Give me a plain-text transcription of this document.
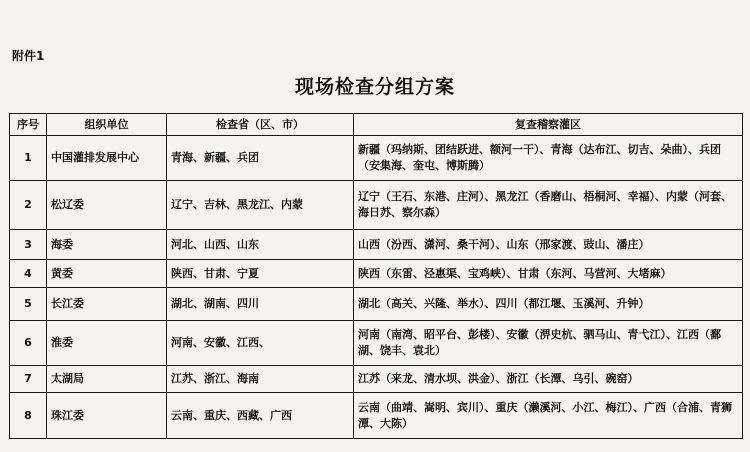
附件1
现场检查分组方案
序号	组织单位	检查省（区、市）	复查稽察灌区
1	中国灌排发展中心	青海、新疆、兵团	新疆（玛纳斯、团结跃进、额河一干）、青海（达布江、切吉、朵曲）、兵团（安集海、奎屯、博斯腾）
2	松辽委	辽宁、吉林、黑龙江、内蒙	辽宁（王石、东港、庄河）、黑龙江（香磨山、梧桐河、幸福）、内蒙（河套、海日苏、察尔森）
3	海委	河北、山西、山东	山西（汾西、潇河、桑干河）、山东（邢家渡、豉山、潘庄）
4	黄委	陕西、甘肃、宁夏	陕西（东雷、泾惠渠、宝鸡峡）、甘肃（东河、马营河、大堵麻）
5	长江委	湖北、湖南、四川	湖北（高关、兴隆、举水）、四川（都江堰、玉溪河、升钟）
6	淮委	河南、安徽、江西、	河南（南湾、昭平台、彭楼）、安徽（淠史杭、驷马山、青弋江）、江西（鄱湖、饶丰、袁北）
7	太湖局	江苏、浙江、海南	江苏（来龙、清水坝、洪金）、浙江（长潭、乌引、碗窑）
8	珠江委	云南、重庆、西藏、广西	云南（曲靖、嵩明、宾川）、重庆（濑溪河、小江、梅江）、广西（合浦、青狮潭、大陈）
